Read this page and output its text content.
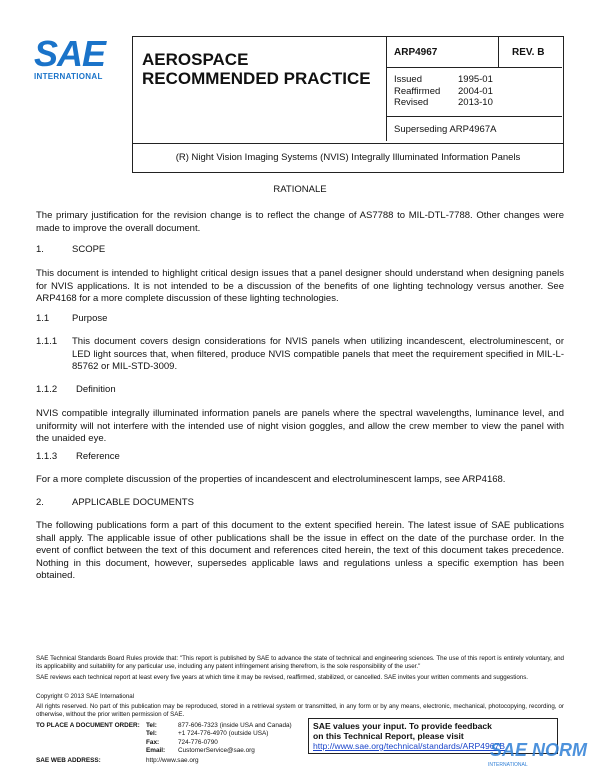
SAE
INTERNATIONAL
AEROSPACE RECOMMENDED PRACTICE
ARP4967	REV. B
Issued	1995-01
Reaffirmed	2004-01
Revised	2013-10
Superseding ARP4967A
(R) Night Vision Imaging Systems (NVIS) Integrally Illuminated Information Panels
RATIONALE
The primary justification for the revision change is to reflect the change of AS7788 to MIL-DTL-7788. Other changes were made to improve the overall document.
1.	SCOPE
This document is intended to highlight critical design issues that a panel designer should understand when designing panels for NVIS applications. It is not intended to be a discussion of the benefits of one lighting technology versus another. See ARP4168 for a more complete discussion of these lighting technologies.
1.1 Purpose
1.1.1 This document covers design considerations for NVIS panels when utilizing incandescent, electroluminescent, or LED light sources that, when filtered, produce NVIS compatible panels that meet the requirement specified in MIL-L-85762 or MIL-STD-3009.
1.1.2 Definition
NVIS compatible integrally illuminated information panels are panels where the spectral wavelengths, luminance level, and uniformity will not interfere with the intended use of night vision goggles, and allow the crew member to view the panel with the unaided eye.
1.1.3 Reference
For a more complete discussion of the properties of incandescent and electroluminescent lamps, see ARP4168.
2.	APPLICABLE DOCUMENTS
The following publications form a part of this document to the extent specified herein. The latest issue of SAE publications shall apply. The applicable issue of other publications shall be the issue in effect on the date of the purchase order. In the event of conflict between the text of this document and references cited herein, the text of this document takes precedence. Nothing in this document, however, supersedes applicable laws and regulations unless a specific exemption has been obtained.
SAE Technical Standards Board Rules provide that: "This report is published by SAE to advance the state of technical and engineering sciences. The use of this report is entirely voluntary, and its applicability and suitability for any particular use, including any patent infringement arising therefrom, is the sole responsibility of the user."
SAE reviews each technical report at least every five years at which time it may be revised, reaffirmed, stabilized, or cancelled. SAE invites your written comments and suggestions.
Copyright © 2013 SAE International
All rights reserved. No part of this publication may be reproduced, stored in a retrieval system or transmitted, in any form or by any means, electronic, mechanical, photocopying, recording, or otherwise, without the prior written permission of SAE.
TO PLACE A DOCUMENT ORDER: Tel:	877-606-7323 (inside USA and Canada)
Tel:	+1 724-776-4970 (outside USA)
Fax:	724-776-0790
Email:	CustomerService@sae.org
SAE WEB ADDRESS:	http://www.sae.org
SAE values your input. To provide feedback
on this Technical Report, please visit
http://www.sae.org/technical/standards/ARP4967B
SAE NORM
INTERNATIONAL
